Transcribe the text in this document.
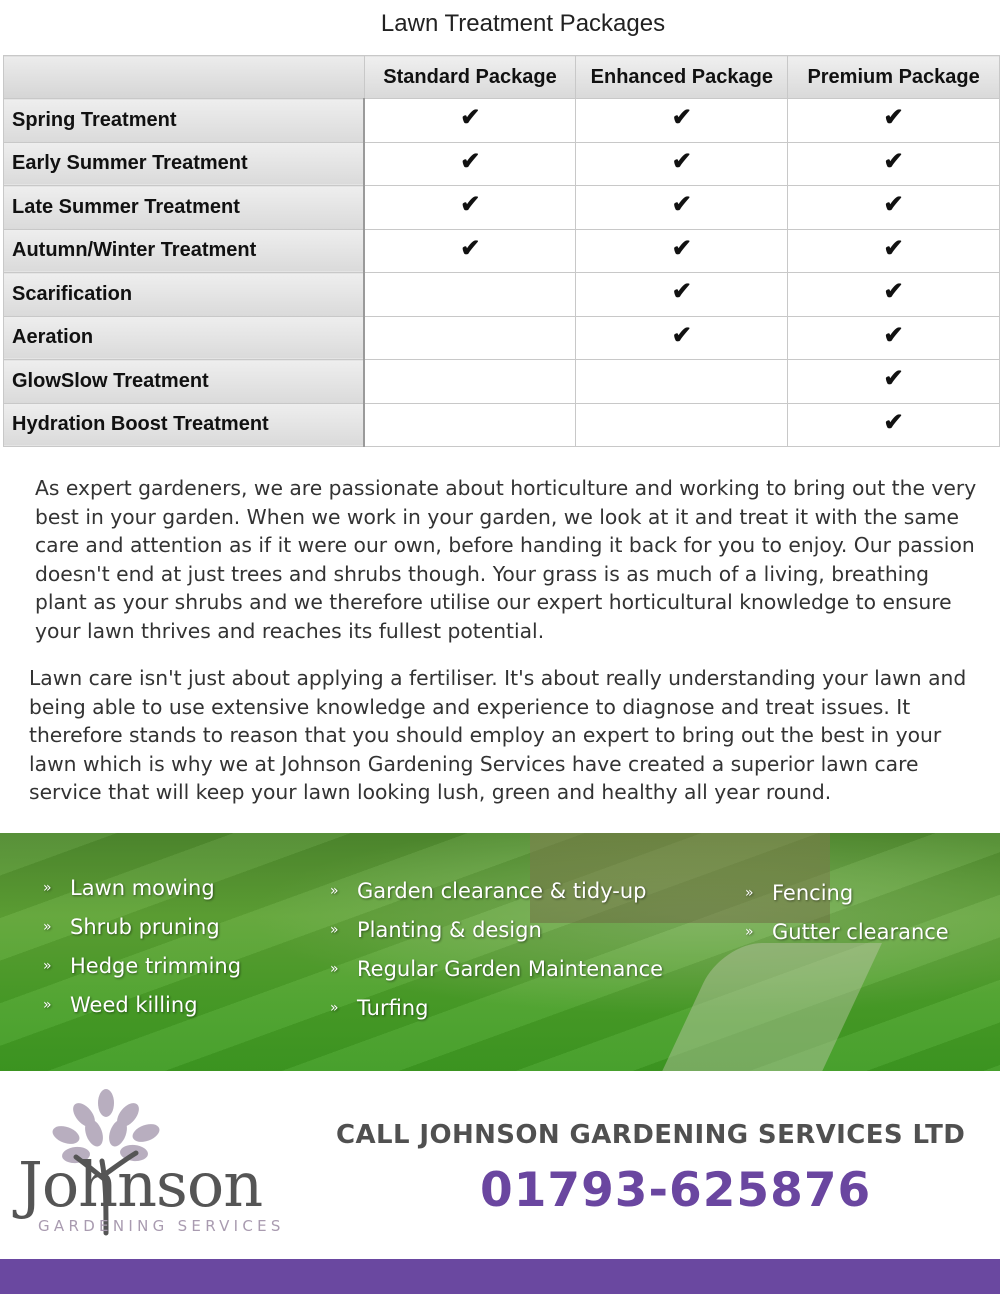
Lawn Treatment Packages
	Standard Package	Enhanced Package	Premium Package
Spring Treatment	✔	✔	✔
Early Summer Treatment	✔	✔	✔
Late Summer Treatment	✔	✔	✔
Autumn/Winter Treatment	✔	✔	✔
Scarification		✔	✔
Aeration		✔	✔
GlowSlow Treatment			✔
Hydration Boost Treatment			✔

As expert gardeners, we are passionate about horticulture and working to bring out the very best in your garden. When we work in your garden, we look at it and treat it with the same care and attention as if it were our own, before handing it back for you to enjoy. Our passion doesn't end at just trees and shrubs though. Your grass is as much of a living, breathing plant as your shrubs and we therefore utilise our expert horticultural knowledge to ensure your lawn thrives and reaches its fullest potential.

Lawn care isn't just about applying a fertiliser. It's about really understanding your lawn and being able to use extensive knowledge and experience to diagnose and treat issues. It therefore stands to reason that you should employ an expert to bring out the best in your lawn which is why we at Johnson Gardening Services have created a superior lawn care service that will keep your lawn looking lush, green and healthy all year round.

» Lawn mowing
» Shrub pruning
» Hedge trimming
» Weed killing
» Garden clearance & tidy-up
» Planting & design
» Regular Garden Maintenance
» Turfing
» Fencing
» Gutter clearance
Johnson
GARDENING SERVICES
CALL JOHNSON GARDENING SERVICES LTD
01793-625876
